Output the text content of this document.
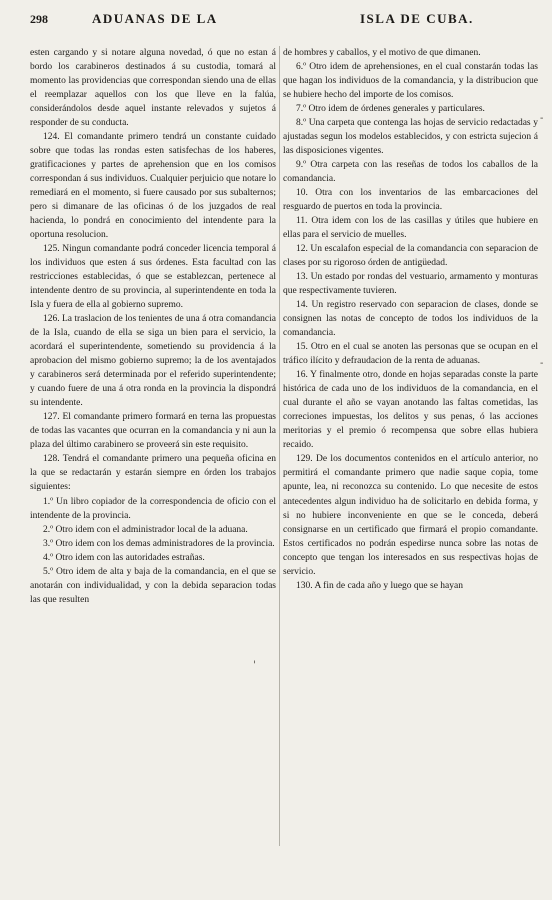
298	ADUANAS DE LA	ISLA DE CUBA.

esten cargando y si notare alguna novedad, ó que no estan á bordo los carabineros destinados á su custodia, tomará al momento las providencias que correspondan siendo una de ellas el reemplazar aquellos con los que lleve en la falúa, considerándolos desde aquel instante relevados y sujetos á responder de su conducta.

124. El comandante primero tendrá un constante cuidado sobre que todas las rondas esten satisfechas de los haberes, gratificaciones y partes de aprehension que en los comisos correspondan á sus individuos. Cualquier perjuicio que notare lo remediará en el momento, si fuere causado por sus subalternos; pero si dimanare de las oficinas ó de los juzgados de real hacienda, lo pondrá en conocimiento del intendente para la oportuna resolucion.

125. Ningun comandante podrá conceder licencia temporal á los individuos que esten á sus órdenes. Esta facultad con las restricciones establecidas, ó que se establezcan, pertenece al intendente dentro de su provincia, al superintendente en toda la Isla y fuera de ella al gobierno supremo.

126. La traslacion de los tenientes de una á otra comandancia de la Isla, cuando de ella se siga un bien para el servicio, la acordará el superintendente, sometiendo su providencia á la aprobacion del mismo gobierno supremo; la de los aventajados y carabineros será determinada por el referido superintendente; y cuando fuere de una á otra ronda en la provincia la dispondrá su intendente.

127. El comandante primero formará en terna las propuestas de todas las vacantes que ocurran en la comandancia y ni aun la plaza del último carabinero se proveerá sin este requisito.

128. Tendrá el comandante primero una pequeña oficina en la que se redactarán y estarán siempre en órden los trabajos siguientes:

1.º Un libro copiador de la correspondencia de oficio con el intendente de la provincia.

2.º Otro idem con el administrador local de la aduana.

3.º Otro idem con los demas administradores de la provincia.

4.º Otro idem con las autoridades estrañas.

5.º Otro idem de alta y baja de la comandancia, en el que se anotarán con individualidad, y con la debida separacion todas las que resulten

de hombres y caballos, y el motivo de que dimanen.

6.º Otro idem de aprehensiones, en el cual constarán todas las que hagan los individuos de la comandancia, y la distribucion que se hubiere hecho del importe de los comisos.

7.º Otro idem de órdenes generales y particulares.

8.º Una carpeta que contenga las hojas de servicio redactadas y ajustadas segun los modelos establecidos, y con estricta sujecion á las disposiciones vigentes.

9.º Otra carpeta con las reseñas de todos los caballos de la comandancia.

10. Otra con los inventarios de las embarcaciones del resguardo de puertos en toda la provincia.

11. Otra idem con los de las casillas y útiles que hubiere en ellas para el servicio de muelles.

12. Un escalafon especial de la comandancia con separacion de clases por su rigoroso órden de antigüedad.

13. Un estado por rondas del vestuario, armamento y monturas que respectivamente tuvieren.

14. Un registro reservado con separacion de clases, donde se consignen las notas de concepto de todos los individuos de la comandancia.

15. Otro en el cual se anoten las personas que se ocupan en el tráfico ilícito y defraudacion de la renta de aduanas.

16. Y finalmente otro, donde en hojas separadas conste la parte histórica de cada uno de los individuos de la comandancia, en el cual durante el año se vayan anotando las faltas cometidas, las correciones impuestas, los delitos y sus penas, ó las acciones meritorias y el premio ó recompensa que sobre ellas hubiera recaido.

129. De los documentos contenidos en el artículo anterior, no permitirá el comandante primero que nadie saque copia, tome apunte, lea, ni reconozca su contenido. Lo que necesite de estos antecedentes algun individuo ha de solicitarlo en debida forma, y si no hubiere inconveniente en que se le conceda, deberá consignarse en un certificado que firmará el propio comandante. Estos certificados no podrán espedirse nunca sobre las notas de concepto que tengan los interesados en sus respectivas hojas de servicio.

130. A fin de cada año y luego que se hayan

-
-
'
